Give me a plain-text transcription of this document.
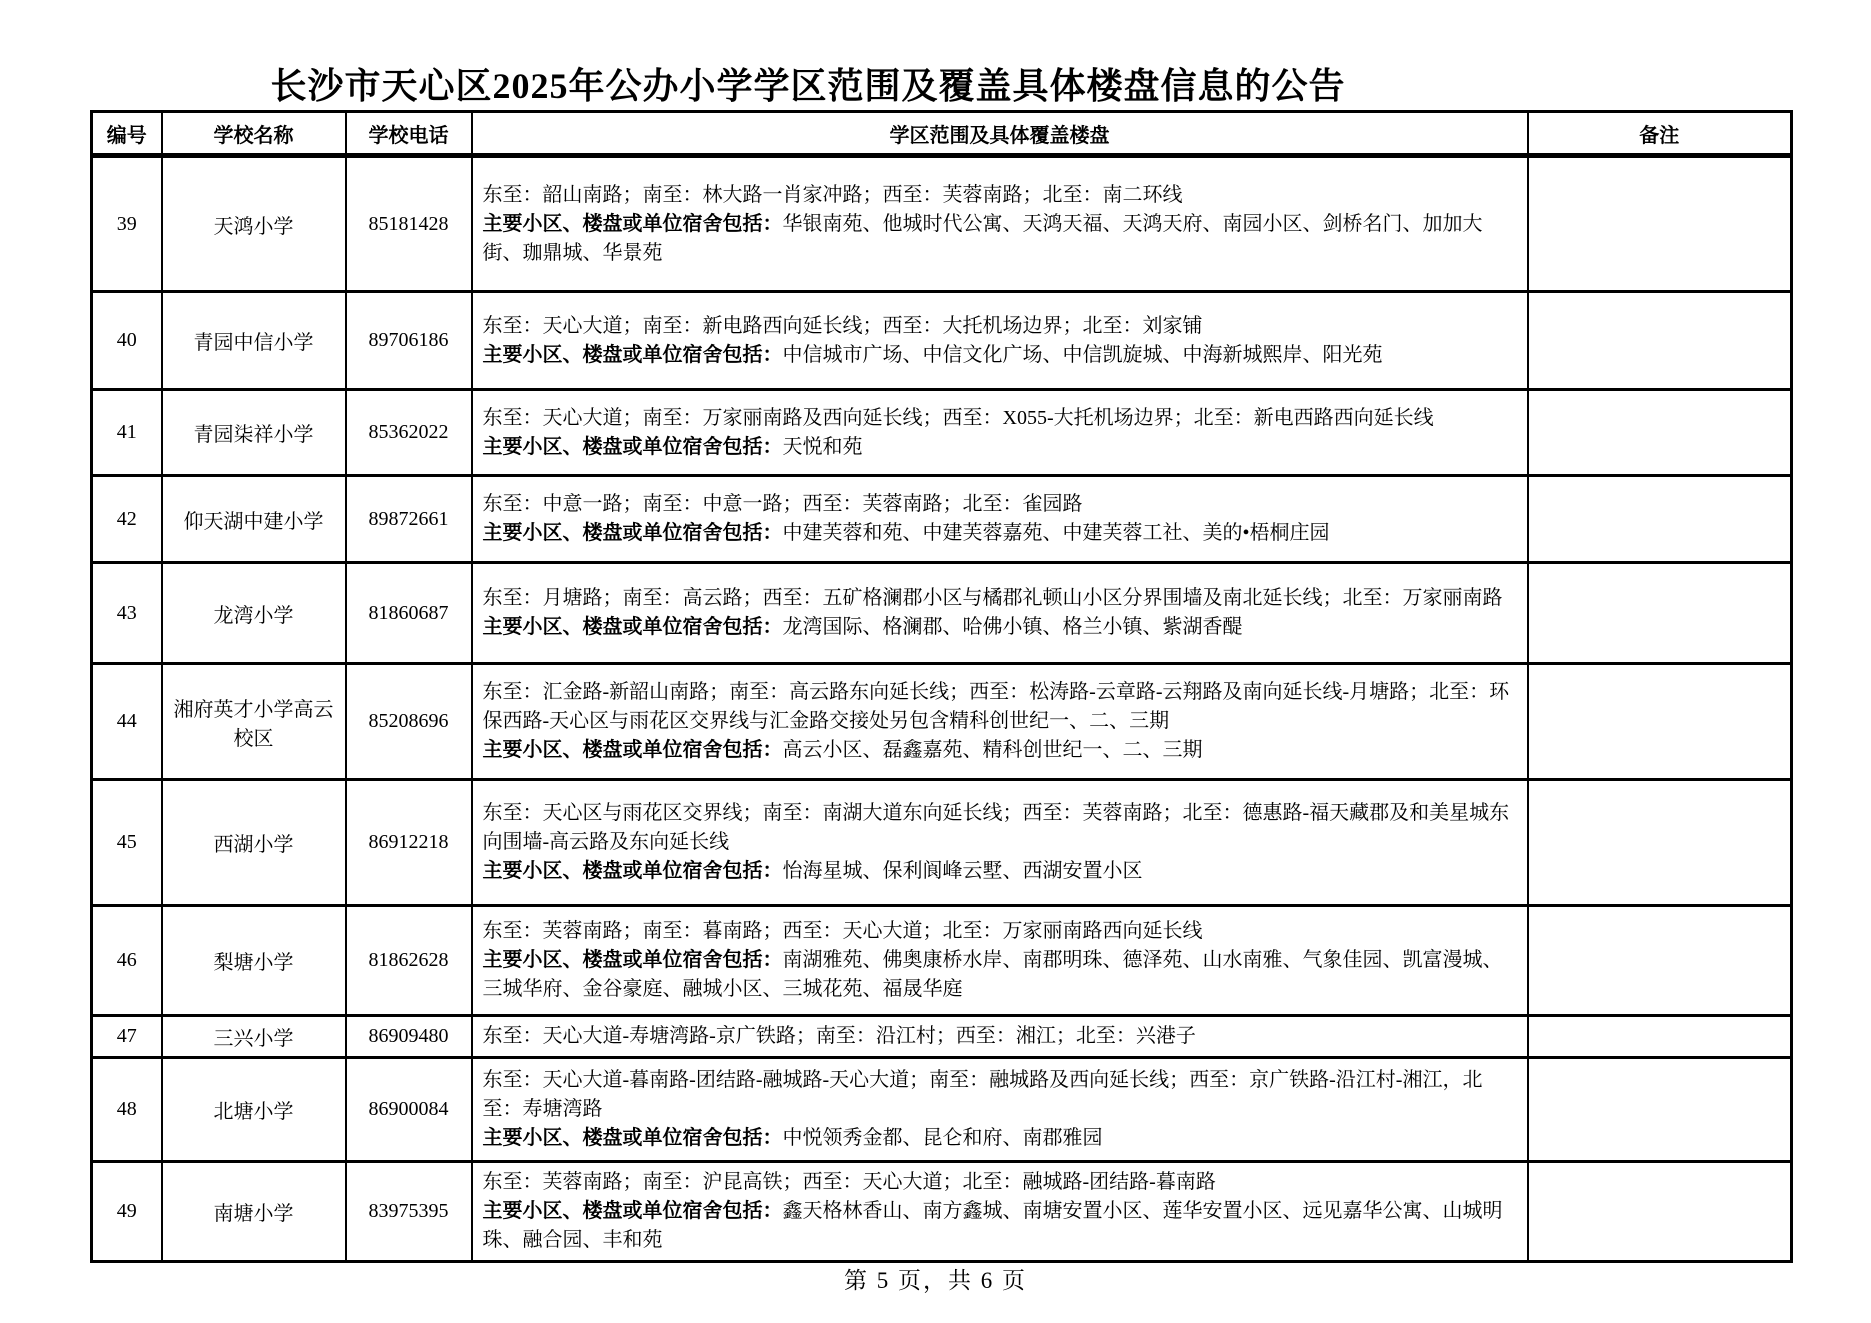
长沙市天心区2025年公办小学学区范围及覆盖具体楼盘信息的公告
编号	学校名称	学校电话	学区范围及具体覆盖楼盘	备注
39	天鸿小学	85181428	东至：韶山南路；南至：林大路一肖家冲路；西至：芙蓉南路；北至：南二环线
主要小区、楼盘或单位宿舍包括：华银南苑、他城时代公寓、天鸿天福、天鸿天府、南园小区、剑桥名门、加加大街、珈鼎城、华景苑	

40	青园中信小学	89706186	东至：天心大道；南至：新电路西向延长线；西至：大托机场边界；北至：刘家铺
主要小区、楼盘或单位宿舍包括：中信城市广场、中信文化广场、中信凯旋城、中海新城熙岸、阳光苑	

41	青园柒祥小学	85362022	东至：天心大道；南至：万家丽南路及西向延长线；西至：X055-大托机场边界；北至：新电西路西向延长线
主要小区、楼盘或单位宿舍包括：天悦和苑	

42	仰天湖中建小学	89872661	东至：中意一路；南至：中意一路；西至：芙蓉南路；北至：雀园路
主要小区、楼盘或单位宿舍包括：中建芙蓉和苑、中建芙蓉嘉苑、中建芙蓉工社、美的•梧桐庄园	

43	龙湾小学	81860687	东至：月塘路；南至：高云路；西至：五矿格澜郡小区与橘郡礼顿山小区分界围墙及南北延长线；北至：万家丽南路
主要小区、楼盘或单位宿舍包括：龙湾国际、格澜郡、哈佛小镇、格兰小镇、紫湖香醍	

44	湘府英才小学高云校区	85208696	东至：汇金路-新韶山南路；南至：高云路东向延长线；西至：松涛路-云章路-云翔路及南向延长线-月塘路；北至：环保西路-天心区与雨花区交界线与汇金路交接处另包含精科创世纪一、二、三期
主要小区、楼盘或单位宿舍包括：高云小区、磊鑫嘉苑、精科创世纪一、二、三期	

45	西湖小学	86912218	东至：天心区与雨花区交界线；南至：南湖大道东向延长线；西至：芙蓉南路；北至：德惠路-福天藏郡及和美星城东向围墙-高云路及东向延长线
主要小区、楼盘或单位宿舍包括：怡海星城、保利阆峰云墅、西湖安置小区	

46	梨塘小学	81862628	东至：芙蓉南路；南至：暮南路；西至：天心大道；北至：万家丽南路西向延长线
主要小区、楼盘或单位宿舍包括：南湖雅苑、佛奥康桥水岸、南郡明珠、德泽苑、山水南雅、气象佳园、凯富漫城、三城华府、金谷豪庭、融城小区、三城花苑、福晟华庭	

47	三兴小学	86909480	东至：天心大道-寿塘湾路-京广铁路；南至：沿江村；西至：湘江；北至：兴港子	

48	北塘小学	86900084	东至：天心大道-暮南路-团结路-融城路-天心大道；南至：融城路及西向延长线；西至：京广铁路-沿江村-湘江，北至：寿塘湾路
主要小区、楼盘或单位宿舍包括：中悦领秀金都、昆仑和府、南郡雅园	

49	南塘小学	83975395	东至：芙蓉南路；南至：沪昆高铁；西至：天心大道；北至：融城路-团结路-暮南路
主要小区、楼盘或单位宿舍包括：鑫天格林香山、南方鑫城、南塘安置小区、莲华安置小区、远见嘉华公寓、山城明珠、融合园、丰和苑	

第 5 页，共 6 页
